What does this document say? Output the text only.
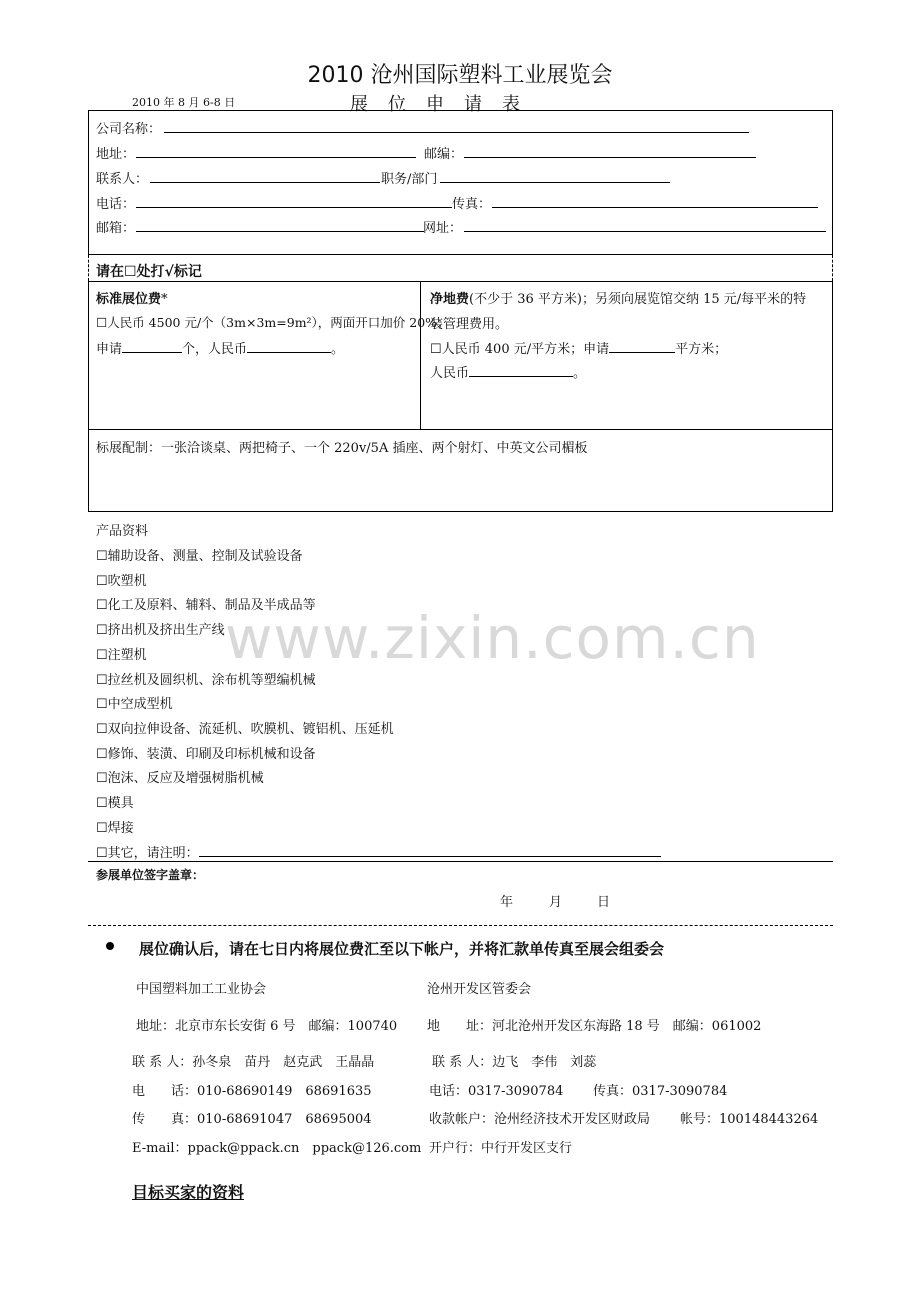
2010 沧州国际塑料工业展览会
2010 年 8 月 6-8 日	展位申请表
公司名称：
地址：	邮编：
联系人：	职务/部门
电话：	传真：
邮箱：	网址：
请在☐处打√标记
标准展位费*
☐人民币 4500 元/个（3m×3m=9m²），两面开口加价 20%；
申请	个，人民币	。
净地费(不少于 36 平方米)；另须向展览馆交纳 15 元/每平米的特
装管理费用。
☐人民币 400 元/平方米；申请	平方米；
人民币	。
标展配制：一张洽谈桌、两把椅子、一个 220v/5A 插座、两个射灯、中英文公司楣板
产品资料
☐辅助设备、测量、控制及试验设备
☐吹塑机
☐化工及原料、辅料、制品及半成品等
☐挤出机及挤出生产线
☐注塑机
☐拉丝机及圆织机、涂布机等塑编机械
☐中空成型机
☐双向拉伸设备、流延机、吹膜机、镀铝机、压延机
☐修饰、装潢、印刷及印标机械和设备
☐泡沫、反应及增强树脂机械
☐模具
☐焊接
☐其它，请注明：
参展单位签字盖章：
年	月	日
展位确认后，请在七日内将展位费汇至以下帐户，并将汇款单传真至展会组委会
中国塑料加工工业协会
地址：北京市东长安街 6 号　邮编：100740
联 系 人：孙冬泉　苗丹　赵克武　王晶晶
电　　话：010-68690149　68691635
传　　真：010-68691047　68695004
E-mail：ppack@ppack.cn　ppack@126.com
沧州开发区管委会
地　　址：河北沧州开发区东海路 18 号　邮编：061002
联 系 人：边飞　李伟　刘蕊
电话：0317-3090784 传真：0317-3090784
收款帐户：沧州经济技术开发区财政局 帐号：100148443264
开户行：中行开发区支行
目标买家的资料
www.zixin.com.cn
